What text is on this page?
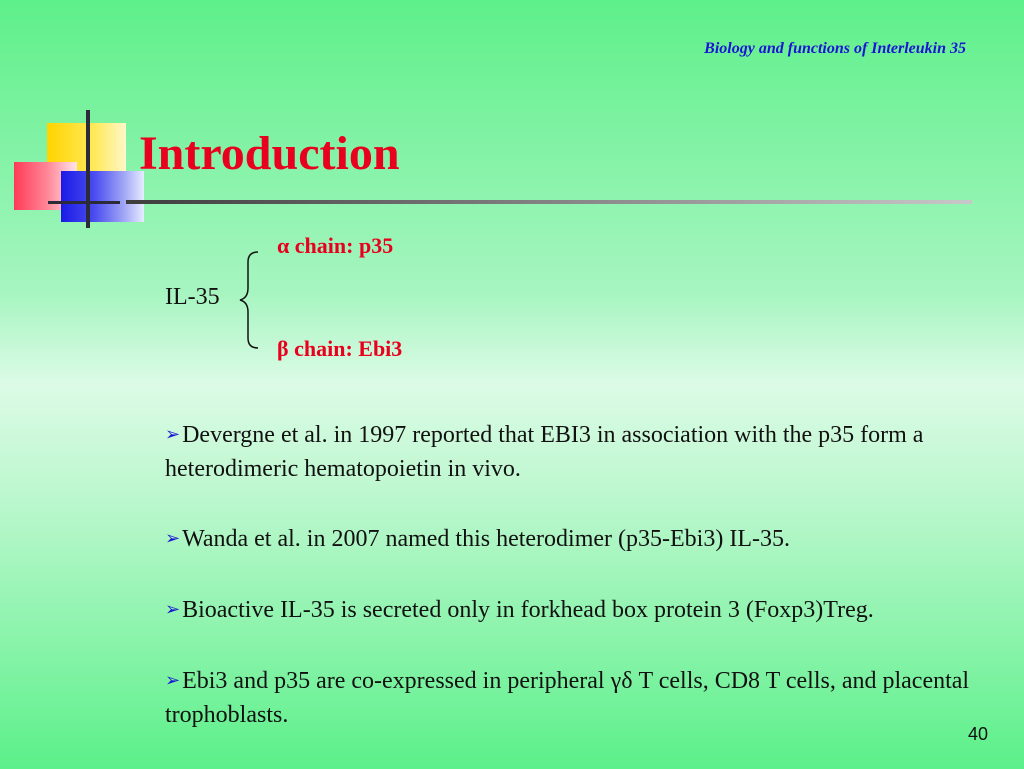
Biology and functions of Interleukin 35
Introduction
IL-35
α chain: p35
β chain: Ebi3
➢Devergne et al. in 1997 reported that EBI3 in association with the p35 form a heterodimeric hematopoietin in vivo.
➢Wanda et al. in 2007 named this heterodimer (p35-Ebi3) IL-35.
➢Bioactive IL-35 is secreted only in forkhead box protein 3 (Foxp3)Treg.
➢Ebi3 and p35 are co-expressed in peripheral γδ T cells, CD8 T cells, and placental trophoblasts.
40
